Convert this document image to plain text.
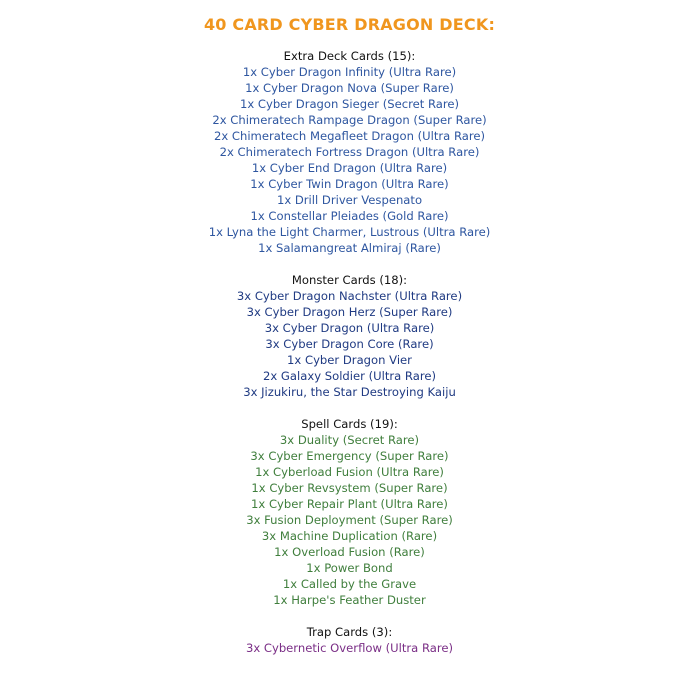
40 CARD CYBER DRAGON DECK:

Extra Deck Cards (15):

1x Cyber Dragon Infinity (Ultra Rare)
1x Cyber Dragon Nova (Super Rare)
1x Cyber Dragon Sieger (Secret Rare)
2x Chimeratech Rampage Dragon (Super Rare)
2x Chimeratech Megafleet Dragon (Ultra Rare)
2x Chimeratech Fortress Dragon (Ultra Rare)
1x Cyber End Dragon (Ultra Rare)
1x Cyber Twin Dragon (Ultra Rare)
1x Drill Driver Vespenato
1x Constellar Pleiades (Gold Rare)
1x Lyna the Light Charmer, Lustrous (Ultra Rare)
1x Salamangreat Almiraj (Rare)

Monster Cards (18):

3x Cyber Dragon Nachster (Ultra Rare)
3x Cyber Dragon Herz (Super Rare)
3x Cyber Dragon (Ultra Rare)
3x Cyber Dragon Core (Rare)
1x Cyber Dragon Vier
2x Galaxy Soldier (Ultra Rare)
3x Jizukiru, the Star Destroying Kaiju

Spell Cards (19):

3x Duality (Secret Rare)
3x Cyber Emergency (Super Rare)
1x Cyberload Fusion (Ultra Rare)
1x Cyber Revsystem (Super Rare)
1x Cyber Repair Plant (Ultra Rare)
3x Fusion Deployment (Super Rare)
3x Machine Duplication (Rare)
1x Overload Fusion (Rare)
1x Power Bond
1x Called by the Grave
1x Harpe's Feather Duster

Trap Cards (3):

3x Cybernetic Overflow (Ultra Rare)
